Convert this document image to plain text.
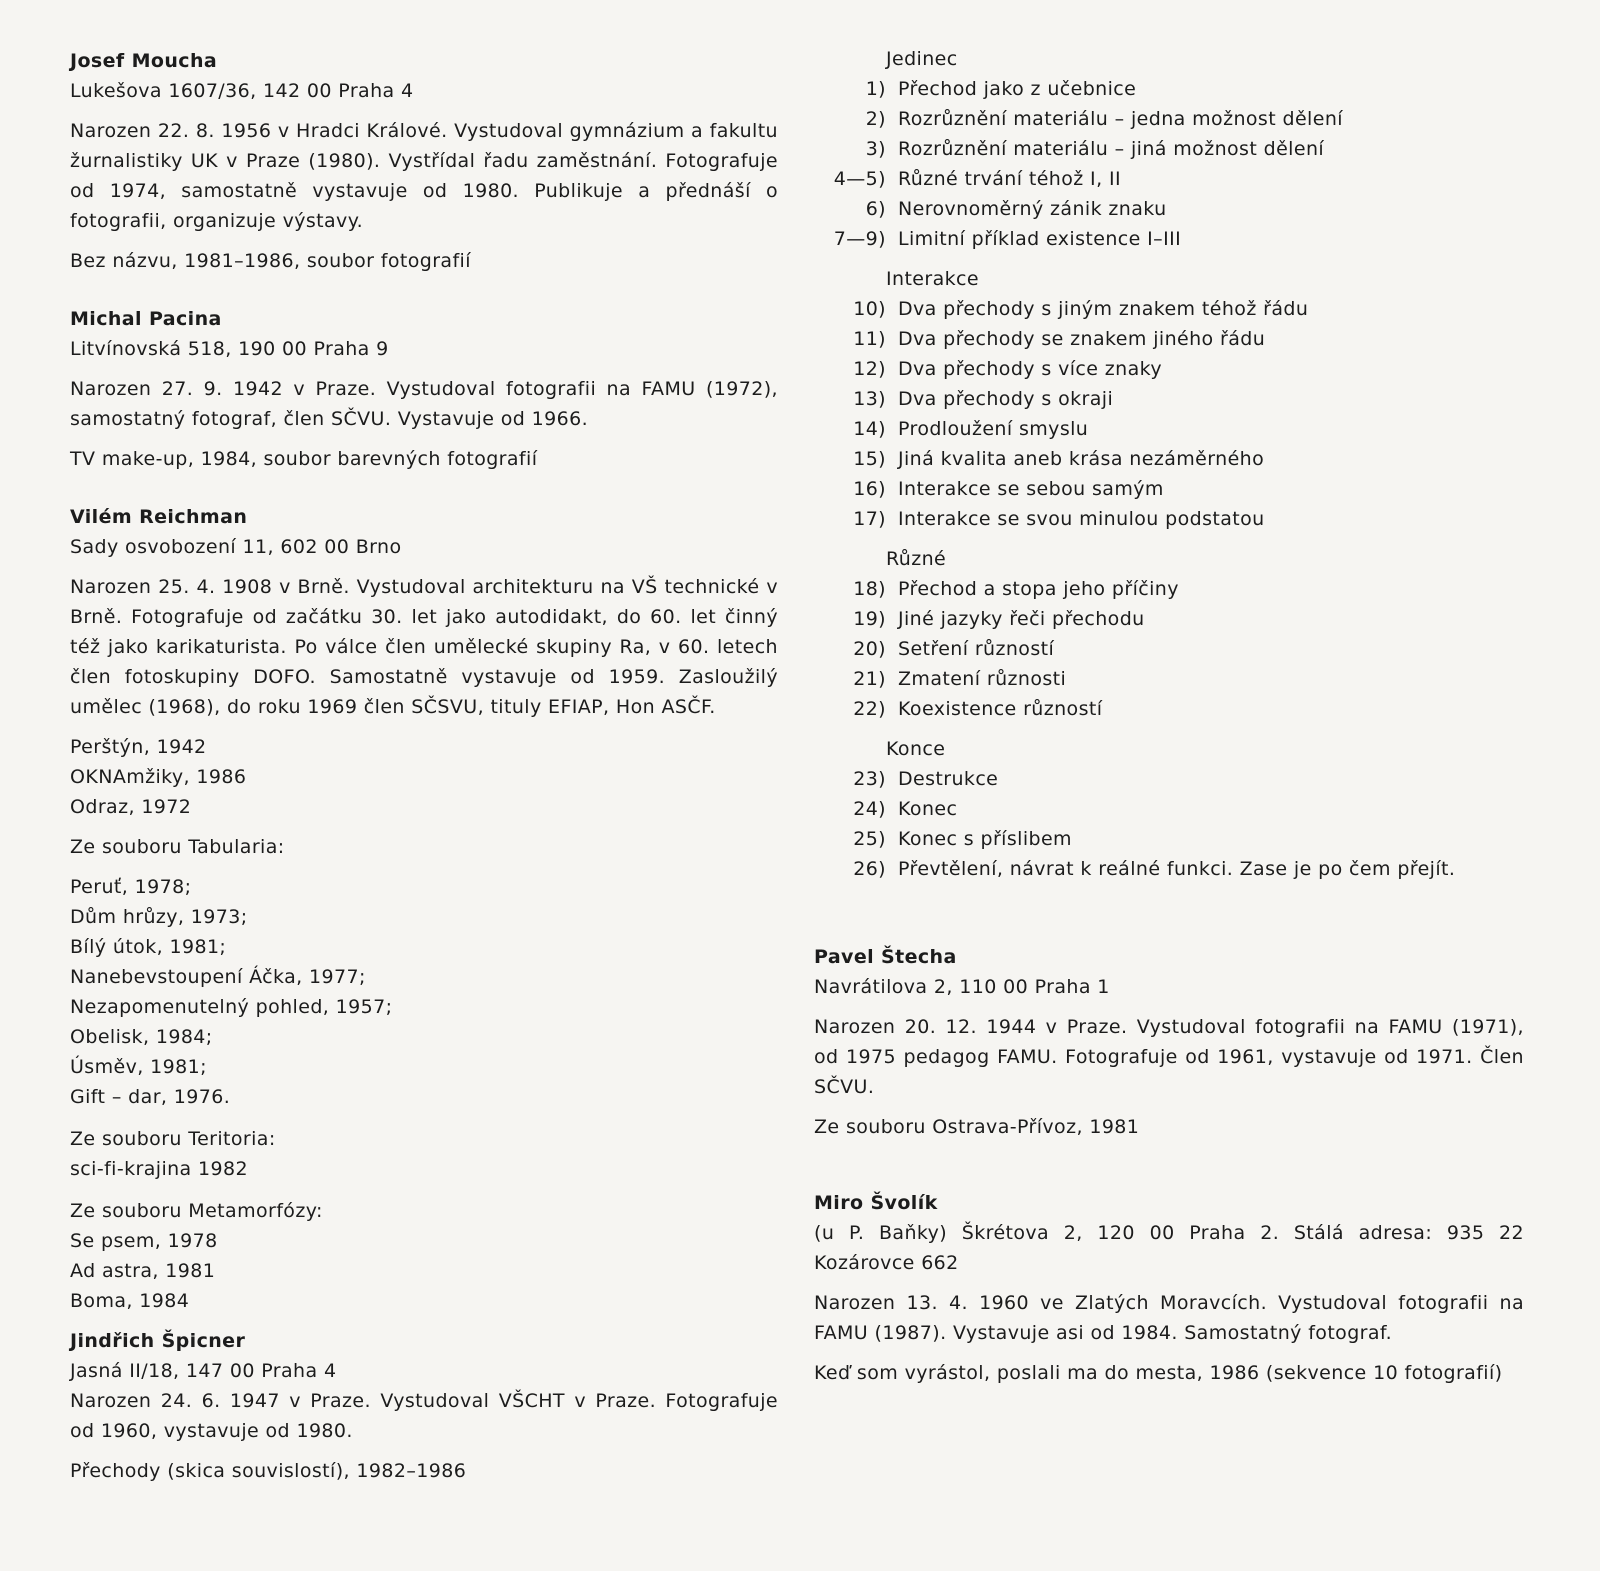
Josef Moucha
Lukešova 1607/36, 142 00 Praha 4
Narozen 22. 8. 1956 v Hradci Králové. Vystudoval gymnázium a fakultu žurnalistiky UK v Praze (1980). Vystřídal řadu zaměstnání. Fotografuje od 1974, samostatně vystavuje od 1980. Publikuje a přednáší o fotografii, organizuje výstavy.
Bez názvu, 1981–1986, soubor fotografií
Michal Pacina
Litvínovská 518, 190 00 Praha 9
Narozen 27. 9. 1942 v Praze. Vystudoval fotografii na FAMU (1972), samostatný fotograf, člen SČVU. Vystavuje od 1966.
TV make-up, 1984, soubor barevných fotografií
Vilém Reichman
Sady osvobození 11, 602 00 Brno
Narozen 25. 4. 1908 v Brně. Vystudoval architekturu na VŠ technické v Brně. Fotografuje od začátku 30. let jako autodidakt, do 60. let činný též jako karikaturista. Po válce člen umělecké skupiny Ra, v 60. letech člen fotoskupiny DOFO. Samostatně vystavuje od 1959. Zasloužilý umělec (1968), do roku 1969 člen SČSVU, tituly EFIAP, Hon ASČF.
Perštýn, 1942
OKNAmžiky, 1986
Odraz, 1972
Ze souboru Tabularia:
Peruť, 1978;
Dům hrůzy, 1973;
Bílý útok, 1981;
Nanebevstoupení Áčka, 1977;
Nezapomenutelný pohled, 1957;
Obelisk, 1984;
Úsměv, 1981;
Gift – dar, 1976.
Ze souboru Teritoria:
sci-fi-krajina 1982
Ze souboru Metamorfózy:
Se psem, 1978
Ad astra, 1981
Boma, 1984
Jindřich Špicner
Jasná II/18, 147 00 Praha 4
Narozen 24. 6. 1947 v Praze. Vystudoval VŠCHT v Praze. Fotografuje od 1960, vystavuje od 1980.
Přechody (skica souvislostí), 1982–1986
Jedinec
1) Přechod jako z učebnice
2) Rozrůznění materiálu – jedna možnost dělení
3) Rozrůznění materiálu – jiná možnost dělení
4—5) Různé trvání téhož I, II
6) Nerovnoměrný zánik znaku
7—9) Limitní příklad existence I–III
Interakce
10) Dva přechody s jiným znakem téhož řádu
11) Dva přechody se znakem jiného řádu
12) Dva přechody s více znaky
13) Dva přechody s okraji
14) Prodloužení smyslu
15) Jiná kvalita aneb krása nezáměrného
16) Interakce se sebou samým
17) Interakce se svou minulou podstatou
Různé
18) Přechod a stopa jeho příčiny
19) Jiné jazyky řeči přechodu
20) Setření růzností
21) Zmatení různosti
22) Koexistence růzností
Konce
23) Destrukce
24) Konec
25) Konec s příslibem
26) Převtělení, návrat k reálné funkci. Zase je po čem přejít.
Pavel Štecha
Navrátilova 2, 110 00 Praha 1
Narozen 20. 12. 1944 v Praze. Vystudoval fotografii na FAMU (1971), od 1975 pedagog FAMU. Fotografuje od 1961, vystavuje od 1971. Člen SČVU.
Ze souboru Ostrava-Přívoz, 1981
Miro Švolík
(u P. Baňky) Škrétova 2, 120 00 Praha 2. Stálá adresa: 935 22 Kozárovce 662
Narozen 13. 4. 1960 ve Zlatých Moravcích. Vystudoval fotografii na FAMU (1987). Vystavuje asi od 1984. Samostatný fotograf.
Keď som vyrástol, poslali ma do mesta, 1986 (sekvence 10 fotografií)
